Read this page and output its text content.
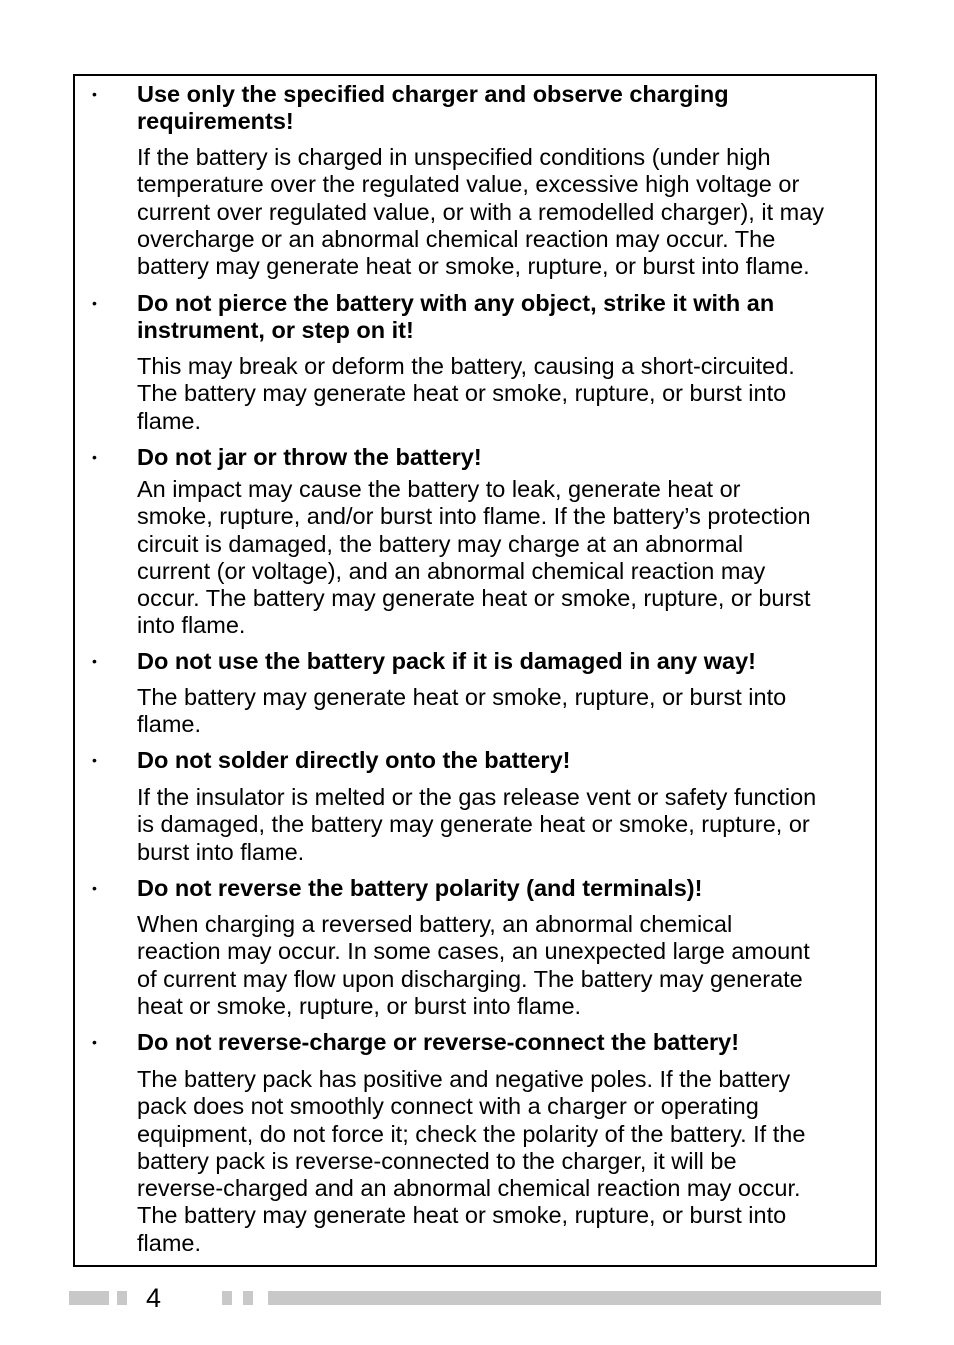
• Use only the specified charger and observe charging
requirements!

If the battery is charged in unspecified conditions (under high
temperature over the regulated value, excessive high voltage or
current over regulated value, or with a remodelled charger), it may
overcharge or an abnormal chemical reaction may occur. The
battery may generate heat or smoke, rupture, or burst into flame.

• Do not pierce the battery with any object, strike it with an
instrument, or step on it!

This may break or deform the battery, causing a short-circuited.
The battery may generate heat or smoke, rupture, or burst into
flame.

• Do not jar or throw the battery!

An impact may cause the battery to leak, generate heat or
smoke, rupture, and/or burst into flame. If the battery’s protection
circuit is damaged, the battery may charge at an abnormal
current (or voltage), and an abnormal chemical reaction may
occur. The battery may generate heat or smoke, rupture, or burst
into flame.

• Do not use the battery pack if it is damaged in any way!

The battery may generate heat or smoke, rupture, or burst into
flame.

• Do not solder directly onto the battery!

If the insulator is melted or the gas release vent or safety function
is damaged, the battery may generate heat or smoke, rupture, or
burst into flame.

• Do not reverse the battery polarity (and terminals)!

When charging a reversed battery, an abnormal chemical
reaction may occur. In some cases, an unexpected large amount
of current may flow upon discharging. The battery may generate
heat or smoke, rupture, or burst into flame.

• Do not reverse-charge or reverse-connect the battery!

The battery pack has positive and negative poles. If the battery
pack does not smoothly connect with a charger or operating
equipment, do not force it; check the polarity of the battery. If the
battery pack is reverse-connected to the charger, it will be
reverse-charged and an abnormal chemical reaction may occur.
The battery may generate heat or smoke, rupture, or burst into
flame.

4
